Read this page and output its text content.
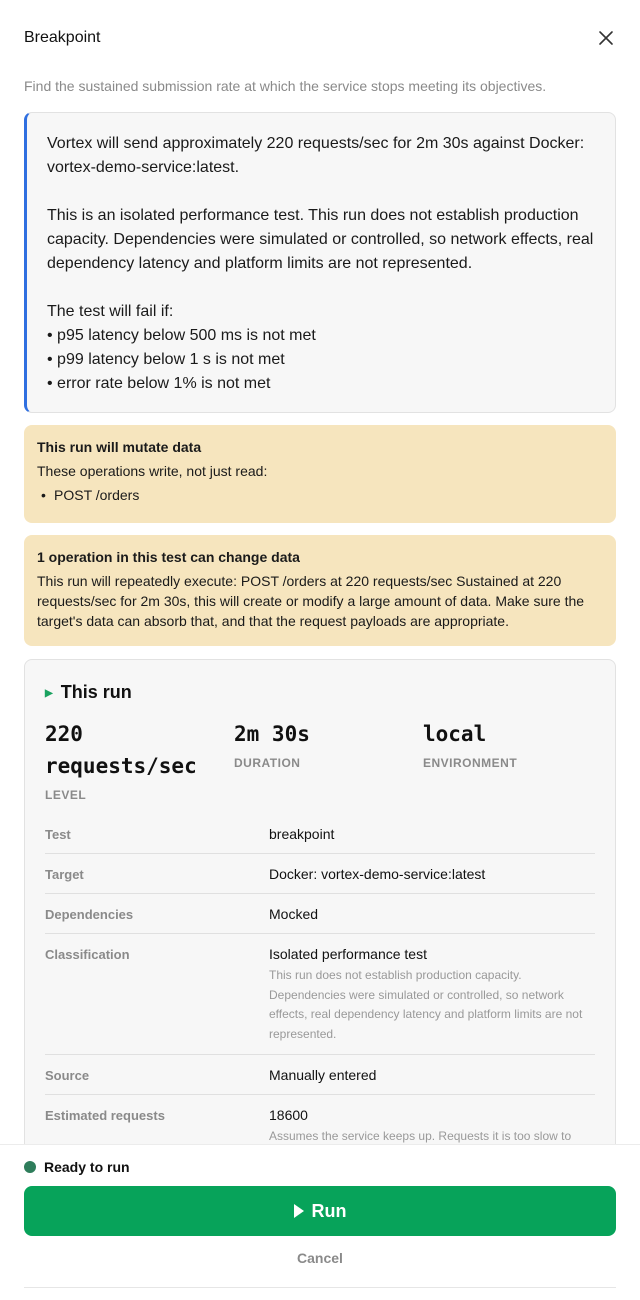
Breakpoint
Find the sustained submission rate at which the service stops meeting its objectives.

Vortex will send approximately 220 requests/sec for 2m 30s against Docker: vortex-demo-service:latest.

This is an isolated performance test. This run does not establish production capacity. Dependencies were simulated or controlled, so network effects, real dependency latency and platform limits are not represented.

The test will fail if:

• p95 latency below 500 ms is not met

• p99 latency below 1 s is not met

• error rate below 1% is not met

This run will mutate data
These operations write, not just read:
• POST /orders
1 operation in this test can change data
This run will repeatedly execute: POST /orders at 220 requests/sec Sustained at 220 requests/sec for 2m 30s, this will create or modify a large amount of data. Make sure the target's data can absorb that, and that the request payloads are appropriate.
▶ This run
220 requests/sec
LEVEL
2m 30s
DURATION
local
ENVIRONMENT
Test	breakpoint
Target	Docker: vortex-demo-service:latest
Dependencies	Mocked
Classification	Isolated performance test
This run does not establish production capacity. Dependencies were simulated or controlled, so network effects, real dependency latency and platform limits are not represented.
Source	Manually entered
Estimated requests	18600
Assumes the service keeps up. Requests it is too slow to
Ready to run
Run
Cancel
